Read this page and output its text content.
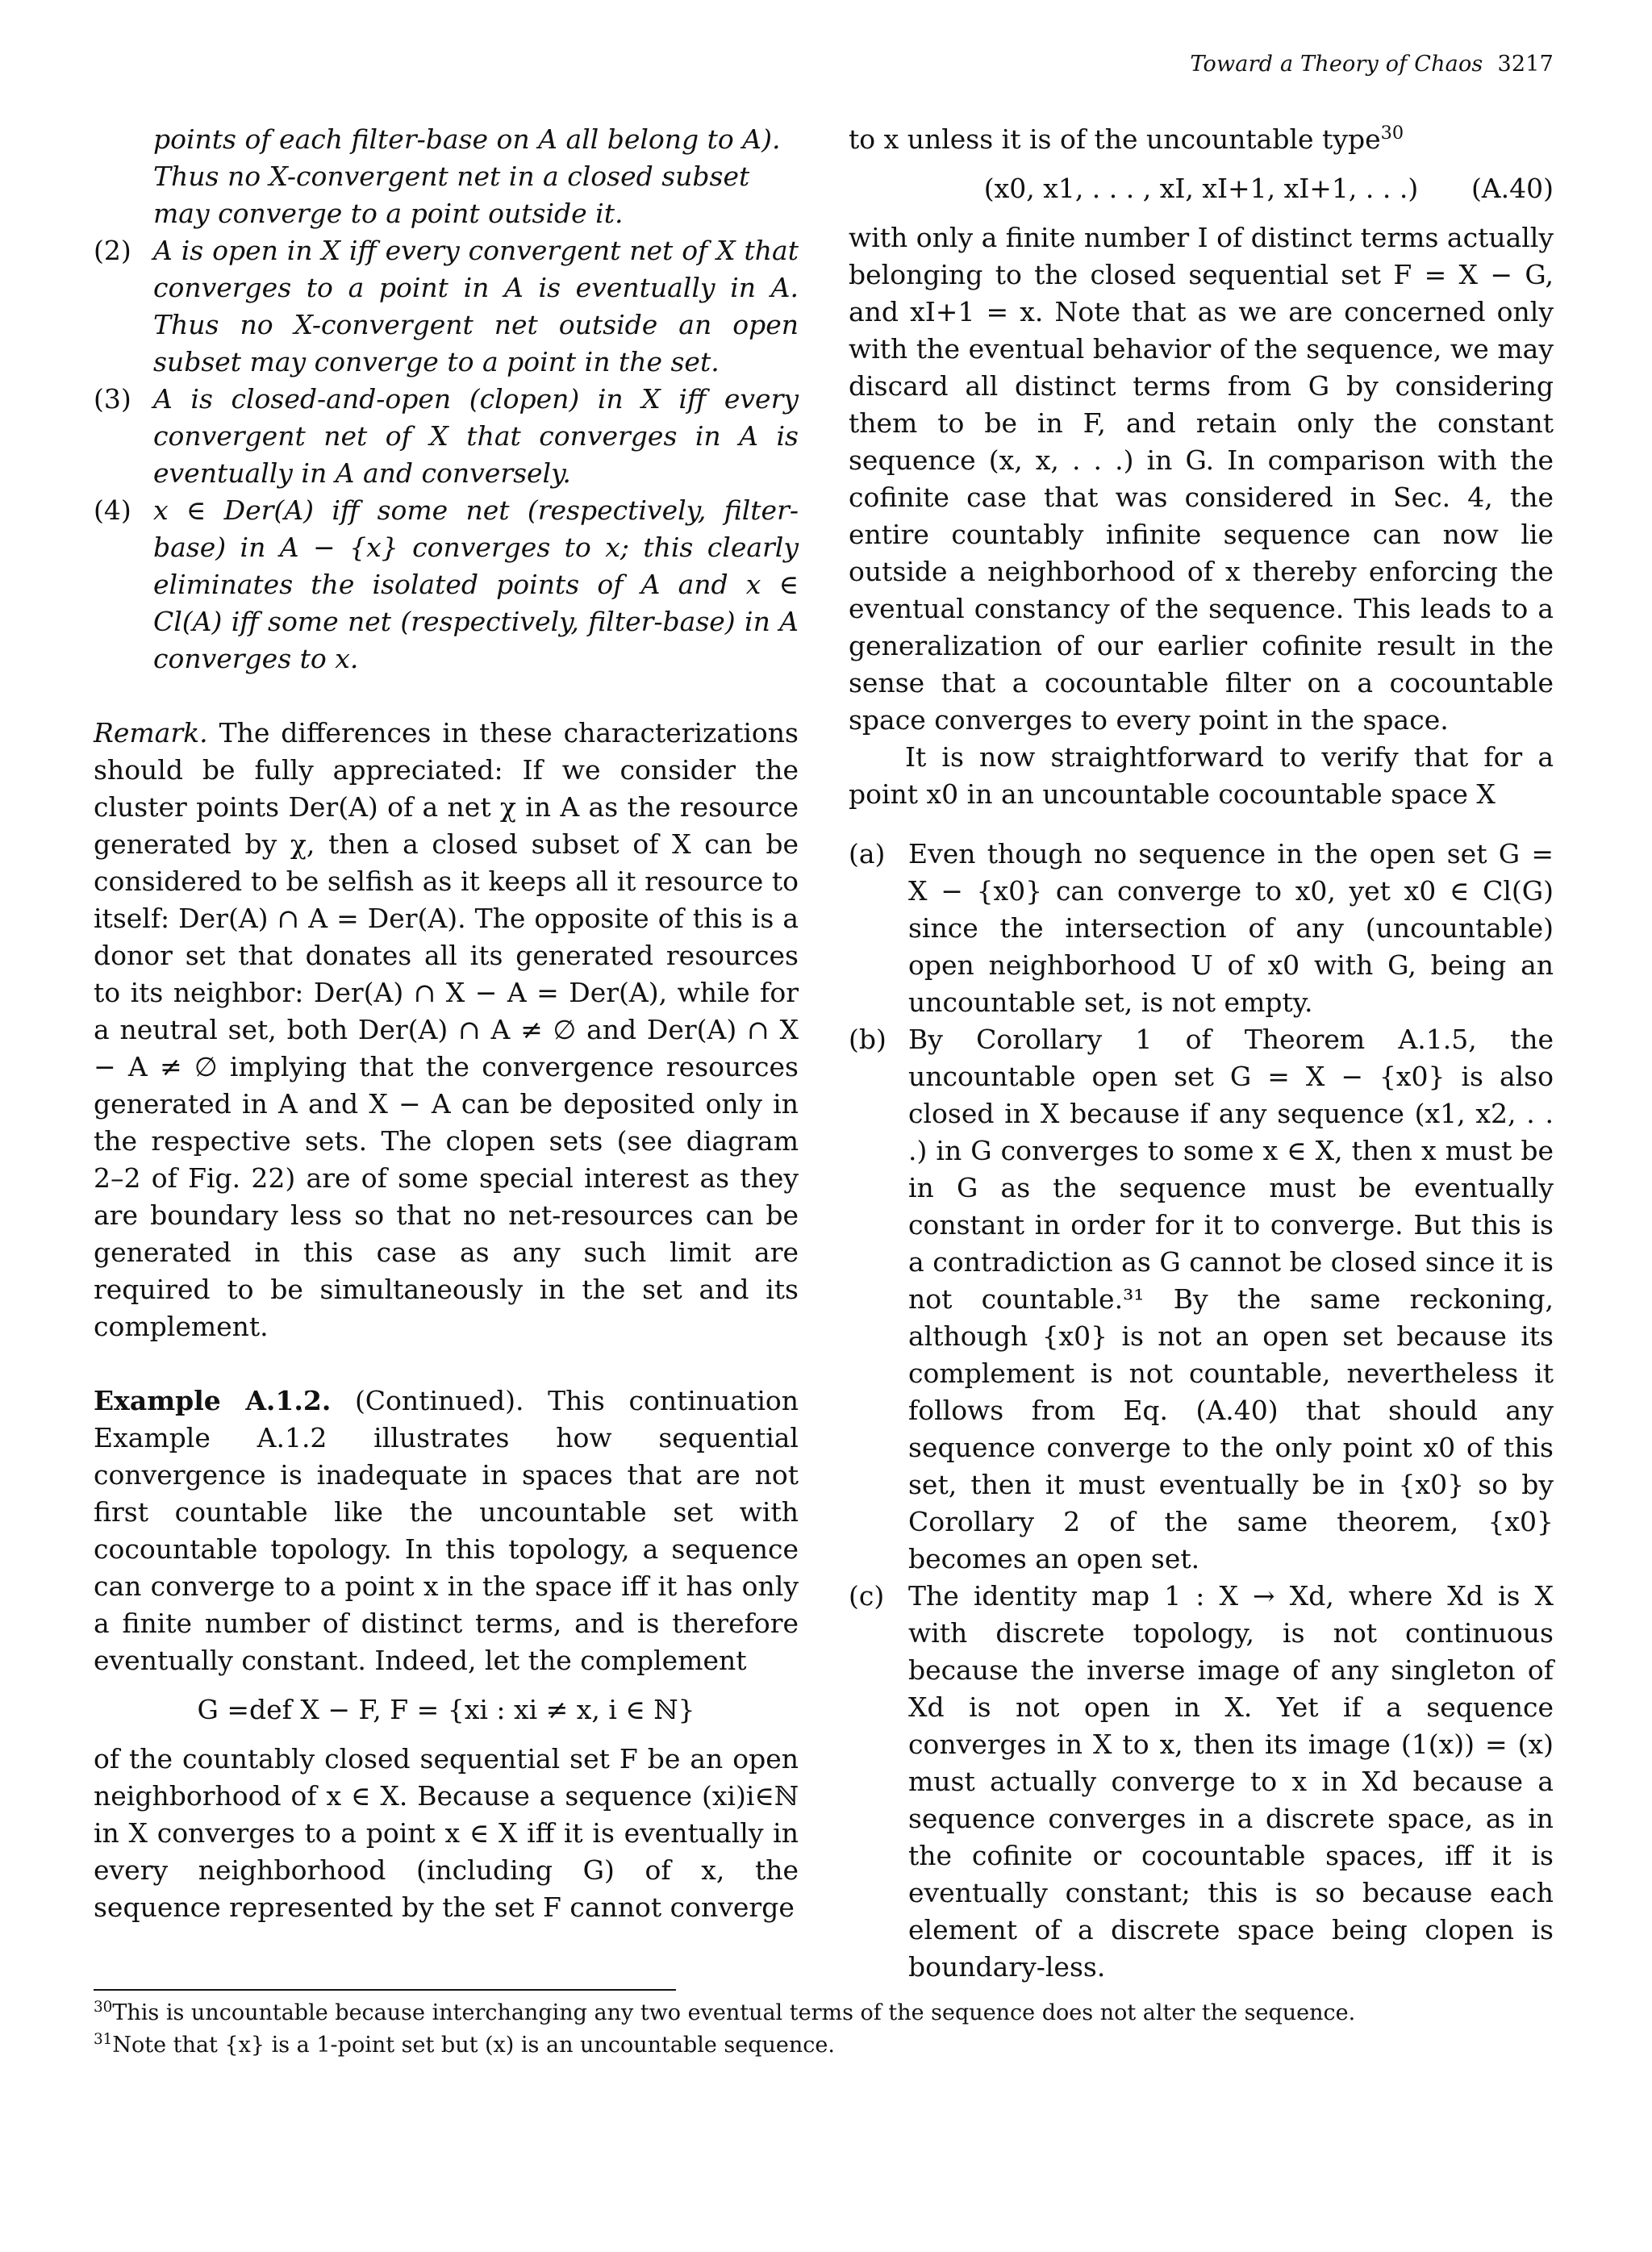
Toward a Theory of Chaos 3217
points of each filter-base on A all belong to A).
Thus no X-convergent net in a closed subset
may converge to a point outside it.
(2) A is open in X iff every convergent net of X that converges to a point in A is eventually in A. Thus no X-convergent net outside an open subset may converge to a point in the set.
(3) A is closed-and-open (clopen) in X iff every convergent net of X that converges in A is eventually in A and conversely.
(4) x ∈ Der(A) iff some net (respectively, filter-base) in A − {x} converges to x; this clearly eliminates the isolated points of A and x ∈ Cl(A) iff some net (respectively, filter-base) in A converges to x.

Remark. The differences in these characterizations should be fully appreciated: If we consider the cluster points Der(A) of a net χ in A as the resource generated by χ, then a closed subset of X can be considered to be selfish as it keeps all it resource to itself: Der(A) ∩ A = Der(A). The opposite of this is a donor set that donates all its generated resources to its neighbor: Der(A) ∩ X − A = Der(A), while for a neutral set, both Der(A) ∩ A ≠ ∅ and Der(A) ∩ X − A ≠ ∅ implying that the convergence resources generated in A and X − A can be deposited only in the respective sets. The clopen sets (see diagram 2–2 of Fig. 22) are of some special interest as they are boundary less so that no net-resources can be generated in this case as any such limit are required to be simultaneously in the set and its complement.

Example A.1.2. (Continued). This continuation Example A.1.2 illustrates how sequential convergence is inadequate in spaces that are not first countable like the uncountable set with cocountable topology. In this topology, a sequence can converge to a point x in the space iff it has only a finite number of distinct terms, and is therefore eventually constant. Indeed, let the complement

G =def X − F, F = {xi : xi ≠ x, i ∈ ℕ}

of the countably closed sequential set F be an open neighborhood of x ∈ X. Because a sequence (xi)i∈ℕ in X converges to a point x ∈ X iff it is eventually in every neighborhood (including G) of x, the sequence represented by the set F cannot converge

to x unless it is of the uncountable type$^{30}$

(x0, x1, . . . , xI, xI+1, xI+1, . . .) (A.40)

with only a finite number I of distinct terms actually belonging to the closed sequential set F = X − G, and xI+1 = x. Note that as we are concerned only with the eventual behavior of the sequence, we may discard all distinct terms from G by considering them to be in F, and retain only the constant sequence (x, x, . . .) in G. In comparison with the cofinite case that was considered in Sec. 4, the entire countably infinite sequence can now lie outside a neighborhood of x thereby enforcing the eventual constancy of the sequence. This leads to a generalization of our earlier cofinite result in the sense that a cocountable filter on a cocountable space converges to every point in the space.

It is now straightforward to verify that for a point x0 in an uncountable cocountable space X

(a) Even though no sequence in the open set G = X − {x0} can converge to x0, yet x0 ∈ Cl(G) since the intersection of any (uncountable) open neighborhood U of x0 with G, being an uncountable set, is not empty.
(b) By Corollary 1 of Theorem A.1.5, the uncountable open set G = X − {x0} is also closed in X because if any sequence (x1, x2, . . .) in G converges to some x ∈ X, then x must be in G as the sequence must be eventually constant in order for it to converge. But this is a contradiction as G cannot be closed since it is not countable.³¹ By the same reckoning, although {x0} is not an open set because its complement is not countable, nevertheless it follows from Eq. (A.40) that should any sequence converge to the only point x0 of this set, then it must eventually be in {x0} so by Corollary 2 of the same theorem, {x0} becomes an open set.
(c) The identity map 1 : X → Xd, where Xd is X with discrete topology, is not continuous because the inverse image of any singleton of Xd is not open in X. Yet if a sequence converges in X to x, then its image (1(x)) = (x) must actually converge to x in Xd because a sequence converges in a discrete space, as in the cofinite or cocountable spaces, iff it is eventually constant; this is so because each element of a discrete space being clopen is boundary-less.

$^{30}$This is uncountable because interchanging any two eventual terms of the sequence does not alter the sequence.

$^{31}$Note that {x} is a 1-point set but (x) is an uncountable sequence.
